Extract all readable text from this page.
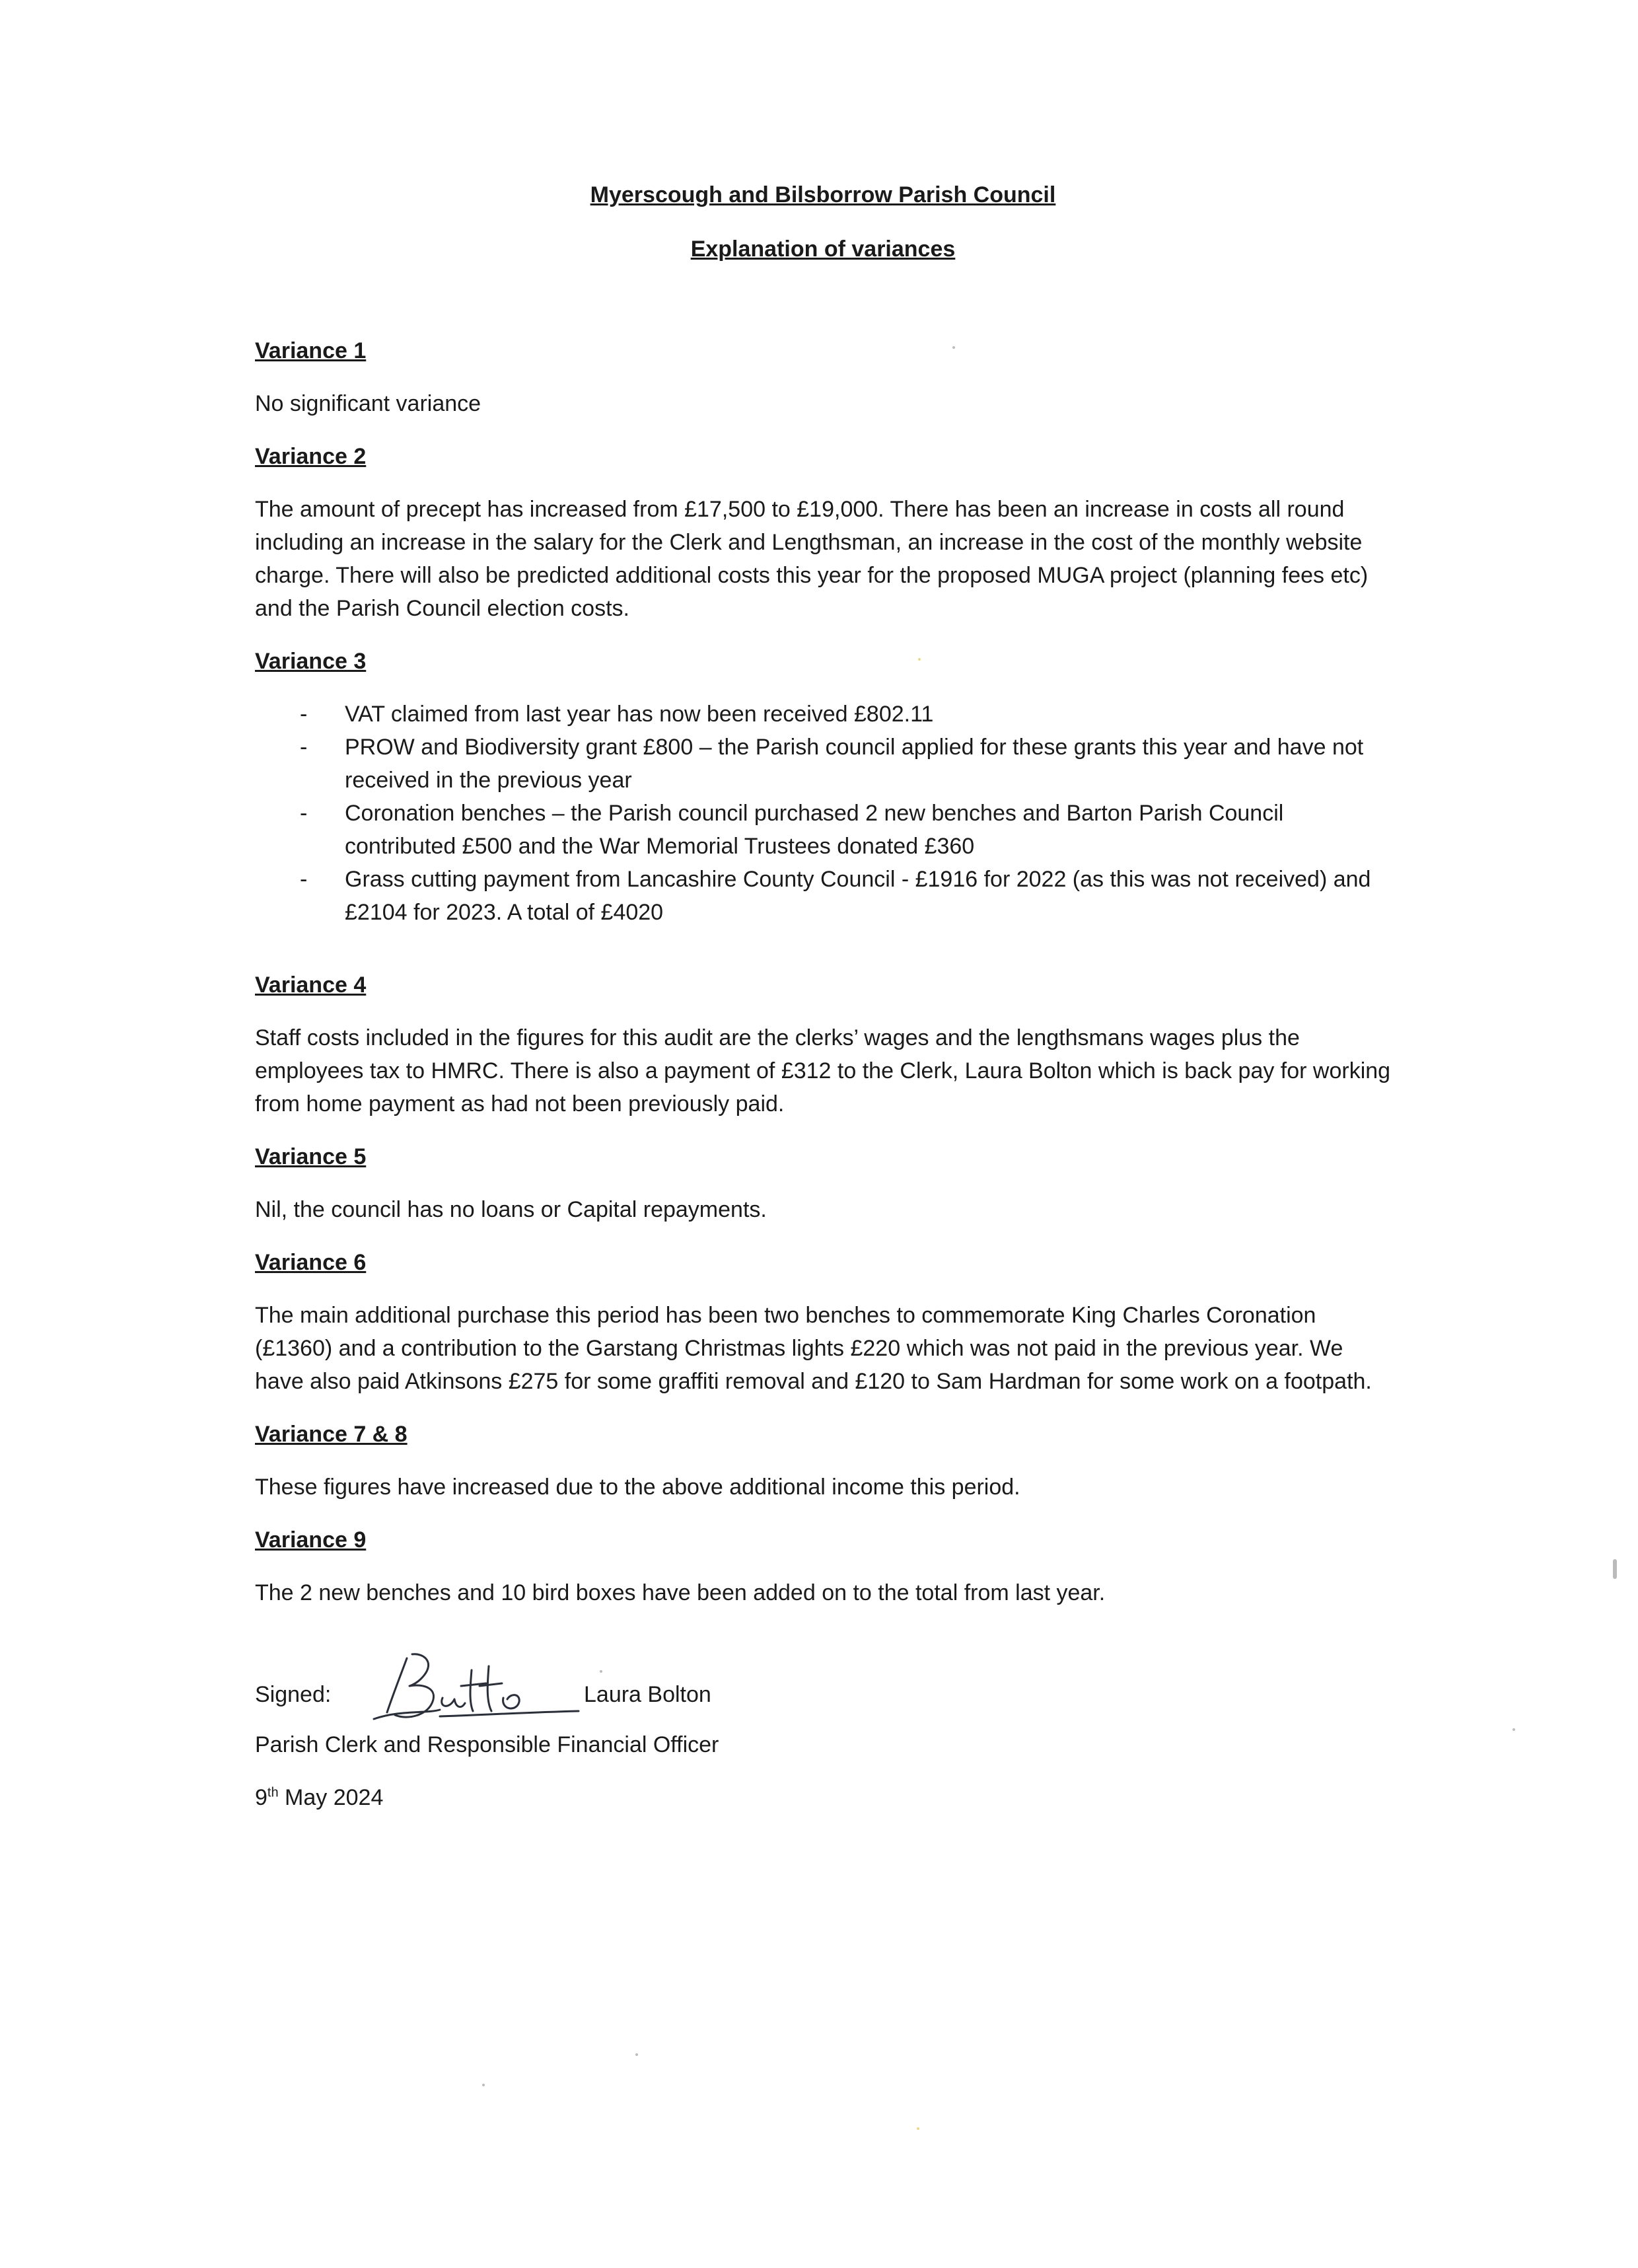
Myerscough and Bilsborrow Parish Council

Explanation of variances

Variance 1

No significant variance

Variance 2

The amount of precept has increased from £17,500 to £19,000. There has been an increase in costs all round including an increase in the salary for the Clerk and Lengthsman, an increase in the cost of the monthly website charge. There will also be predicted additional costs this year for the proposed MUGA project (planning fees etc) and the Parish Council election costs.

Variance 3

- VAT claimed from last year has now been received £802.11
- PROW and Biodiversity grant £800 – the Parish council applied for these grants this year and have not received in the previous year
- Coronation benches – the Parish council purchased 2 new benches and Barton Parish Council contributed £500 and the War Memorial Trustees donated £360
- Grass cutting payment from Lancashire County Council - £1916 for 2022 (as this was not received) and £2104 for 2023. A total of £4020

Variance 4

Staff costs included in the figures for this audit are the clerks’ wages and the lengthsmans wages plus the employees tax to HMRC. There is also a payment of £312 to the Clerk, Laura Bolton which is back pay for working from home payment as had not been previously paid.

Variance 5

Nil, the council has no loans or Capital repayments.

Variance 6

The main additional purchase this period has been two benches to commemorate King Charles Coronation (£1360) and a contribution to the Garstang Christmas lights £220 which was not paid in the previous year. We have also paid Atkinsons £275 for some graffiti removal and £120 to Sam Hardman for some work on a footpath.

Variance 7 & 8

These figures have increased due to the above additional income this period.

Variance 9

The 2 new benches and 10 bird boxes have been added on to the total from last year.

Signed:	Laura Bolton

Parish Clerk and Responsible Financial Officer

9th May 2024
